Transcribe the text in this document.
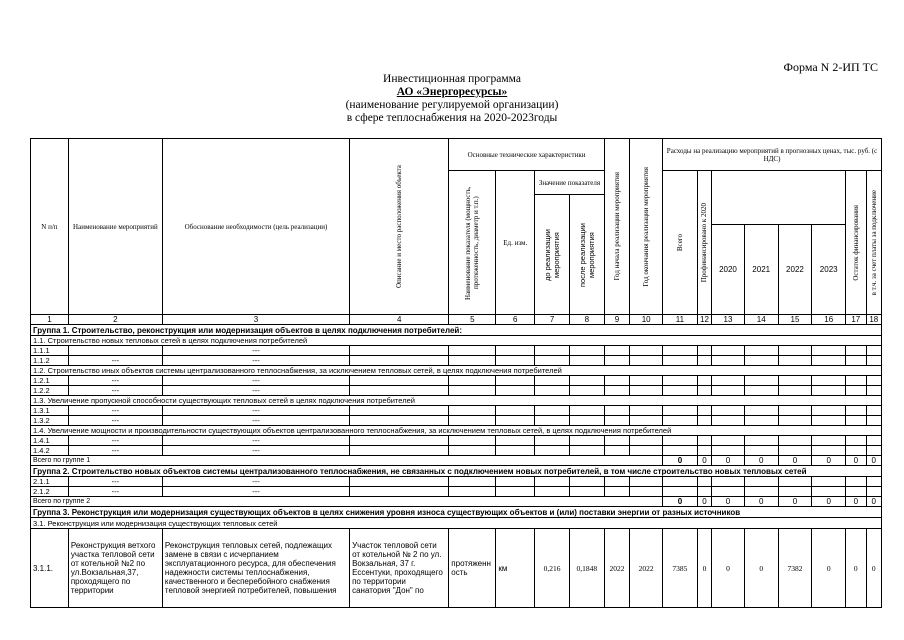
Форма N 2-ИП ТС
Инвестиционная программа
АО «Энергоресурсы»
(наименование регулируемой организации)
в сфере теплоснабжения на 2020-2023годы
N п/п	Наименование мероприятий	Обоснование необходимости (цель реализации)	Описание и место расположения объекта	Основные технические характеристики				Год начала реализации мероприятия	Год окончания реализации мероприятия	Расходы на реализацию мероприятий в прогнозных ценах, тыс. руб. (с НДС)							

				Наименование показателя (мощность, протяженность, диаметр и т.п.)	Ед. изм.	Значение показателя				Всего	Профинансировано к 2020					Остаток финансирования	в т.ч. за счет платы за подключение

						до реализации мероприятия	после реализации мероприятия										

												2020	2021	2022	2023		
1	2	3	4	5	6	7	8	9	10	11	12	13	14	15	16	17	18
Группа 1. Строительство, реконструкция или модернизация объектов в целях подключения потребителей:																	
1.1. Строительство новых тепловых сетей в целях подключения потребителей																	
1.1.1		---															
1.1.2	---	---															
1.2. Строительство иных объектов системы централизованного теплоснабжения, за исключением тепловых сетей, в целях подключения потребителей																	
1.2.1	---	---															
1.2.2	---	---															
1.3. Увеличение пропускной способности существующих тепловых сетей в целях подключения потребителей																	
1.3.1	---	---															
1.3.2	---	---															
1.4. Увеличение мощности и производительности существующих объектов централизованного теплоснабжения, за исключением тепловых сетей, в целях подключения потребителей																	
1.4.1	---	---															
1.4.2	---	---															
Всего по группе 1										0	0	0	0	0	0	0	0
Группа 2. Строительство новых объектов системы централизованного теплоснабжения, не связанных с подключением новых потребителей, в том числе строительство новых тепловых сетей																	
2.1.1	---	---															
2.1.2	---	---															
Всего по группе 2										0	0	0	0	0	0	0	0
Группа 3. Реконструкция или модернизация существующих объектов в целях снижения уровня износа существующих объектов и (или) поставки энергии от разных источников																	
3.1. Реконструкция или модернизация существующих тепловых сетей																	
3.1.1.	Реконструкция ветхого участка тепловой сети от котельной №2 по ул.Вокзальная,37, проходящего по территории	Реконструкция тепловых сетей, подлежащих замене в связи с исчерпанием эксплуатационного ресурса, для обеспечения надежности системы теплоснабжения, качественного и бесперебойного снабжения тепловой энергией потребителей, повышения	Участок тепловой сети от котельной № 2 по ул. Вокзальная, 37 г. Ессентуки, проходящего по территории санатория "Дон" по	протяженность	км	0,216	0,1848	2022	2022	7385	0	0	0	7382	0	0	0
